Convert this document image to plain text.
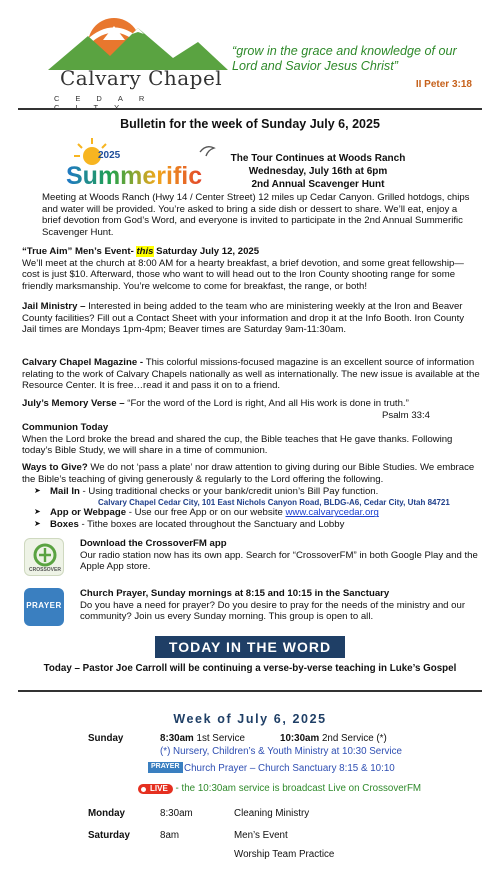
Calvary Chapel
CEDAR
“grow in the grace and knowledge of our Lord and Savior Jesus Christ”
II Peter 3:18
Bulletin for the week of Sunday July 6, 2025
2025
Summerific
The Tour Continues at Woods Ranch
Wednesday, July 16th at 6pm
2nd Annual Scavenger Hunt
Meeting at Woods Ranch (Hwy 14 / Center Street) 12 miles up Cedar Canyon. Grilled hotdogs, chips and water will be provided. You’re asked to bring a side dish or dessert to share. We’ll eat, enjoy a brief devotion from God’s Word, and everyone is invited to participate in the 2nd Annual Summerific Scavenger Hunt.
“True Aim” Men’s Event- this Saturday July 12, 2025
We’ll meet at the church at 8:00 AM for a hearty breakfast, a brief devotion, and some great fellowship—cost is just $10. Afterward, those who want to will head out to the Iron County shooting range for some friendly marksmanship. You’re welcome to come for breakfast, the range, or both!
Jail Ministry – Interested in being added to the team who are ministering weekly at the Iron and Beaver County facilities? Fill out a Contact Sheet with your information and drop it at the Info Booth. Iron County Jail times are Mondays 1pm-4pm; Beaver times are Saturday 9am-11:30am.
Calvary Chapel Magazine - This colorful missions-focused magazine is an excellent source of information relating to the work of Calvary Chapels nationally as well as internationally. The new issue is available at the Resource Center. It is free…read it and pass it on to a friend.
July’s Memory Verse – “For the word of the Lord is right, And all His work is done in truth.”
Psalm 33:4
Communion Today
When the Lord broke the bread and shared the cup, the Bible teaches that He gave thanks. Following today’s Bible Study, we will share in a time of communion.
Ways to Give? We do not ‘pass a plate’ nor draw attention to giving during our Bible Studies. We embrace the Bible’s teaching of giving generously & regularly to the Lord offering the following.
➤ Mail In - Using traditional checks or your bank/credit union’s Bill Pay function.
Calvary Chapel Cedar City, 101 East Nichols Canyon Road, BLDG-A6, Cedar City, Utah 84721
➤ App or Webpage - Use our free App or on our website www.calvarycedar.org
➤ Boxes - Tithe boxes are located throughout the Sanctuary and Lobby
CROSSOVER
Download the CrossoverFM app
Our radio station now has its own app. Search for “CrossoverFM” in both Google Play and the Apple App store.
PRAYER
Church Prayer, Sunday mornings at 8:15 and 10:15 in the Sanctuary
Do you have a need for prayer? Do you desire to pray for the needs of the ministry and our community? Join us every Sunday morning. This group is open to all.
TODAY IN THE WORD
Today – Pastor Joe Carroll will be continuing a verse-by-verse teaching in Luke’s Gospel
Week of July 6, 2025
Sunday	8:30am 1st Service	10:30am 2nd Service (*)
(*) Nursery, Children’s & Youth Ministry at 10:30 Service
PRAYER Church Prayer – Church Sanctuary 8:15 & 10:10
LIVE - the 10:30am service is broadcast Live on CrossoverFM
Monday	8:30am	Cleaning Ministry
Saturday	8am	Men’s Event
Worship Team Practice
